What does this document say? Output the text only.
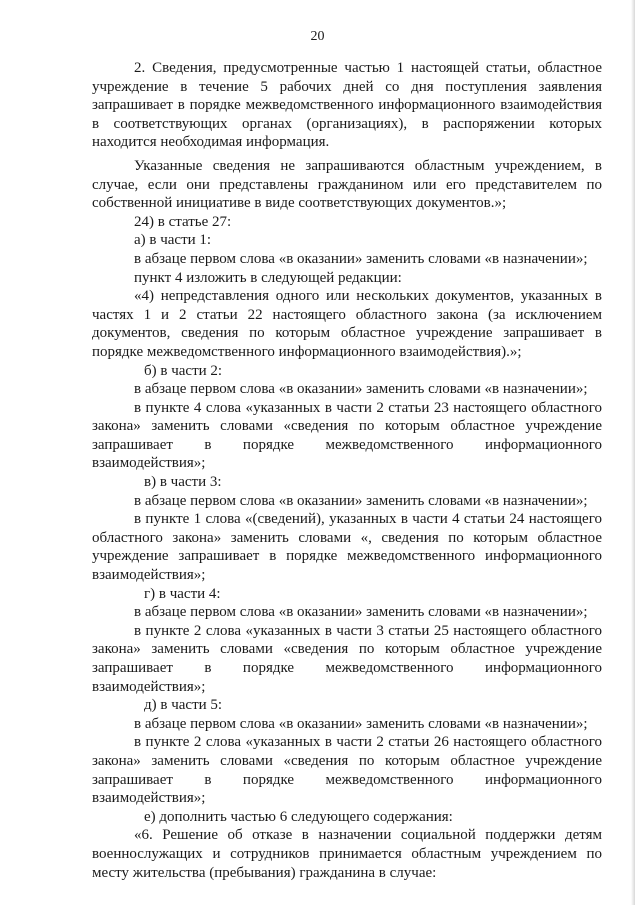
20

2. Сведения, предусмотренные частью 1 настоящей статьи, областное учреждение в течение 5 рабочих дней со дня поступления заявления запрашивает в порядке межведомственного информационного взаимодействия в соответствующих органах (организациях), в распоряжении которых находится необходимая информация.

Указанные сведения не запрашиваются областным учреждением, в случае, если они представлены гражданином или его представителем по собственной инициативе в виде соответствующих документов.»;

24) в статье 27:

а) в части 1:

в абзаце первом слова «в оказании» заменить словами «в назначении»;

пункт 4 изложить в следующей редакции:

«4) непредставления одного или нескольких документов, указанных в частях 1 и 2 статьи 22 настоящего областного закона (за исключением документов, сведения по которым областное учреждение запрашивает в порядке межведомственного информационного взаимодействия).»;

б) в части 2:

в абзаце первом слова «в оказании» заменить словами «в назначении»;

в пункте 4 слова «указанных в части 2 статьи 23 настоящего областного закона» заменить словами «сведения по которым областное учреждение запрашивает в порядке межведомственного информационного взаимодействия»;

в) в части 3:

в абзаце первом слова «в оказании» заменить словами «в назначении»;

в пункте 1 слова «(сведений), указанных в части 4 статьи 24 настоящего областного закона» заменить словами «, сведения по которым областное учреждение запрашивает в порядке межведомственного информационного взаимодействия»;

г) в части 4:

в абзаце первом слова «в оказании» заменить словами «в назначении»;

в пункте 2 слова «указанных в части 3 статьи 25 настоящего областного закона» заменить словами «сведения по которым областное учреждение запрашивает в порядке межведомственного информационного взаимодействия»;

д) в части 5:

в абзаце первом слова «в оказании» заменить словами «в назначении»;

в пункте 2 слова «указанных в части 2 статьи 26 настоящего областного закона» заменить словами «сведения по которым областное учреждение запрашивает в порядке межведомственного информационного взаимодействия»;

е) дополнить частью 6 следующего содержания:

«6. Решение об отказе в назначении социальной поддержки детям военнослужащих и сотрудников принимается областным учреждением по месту жительства (пребывания) гражданина в случае:
